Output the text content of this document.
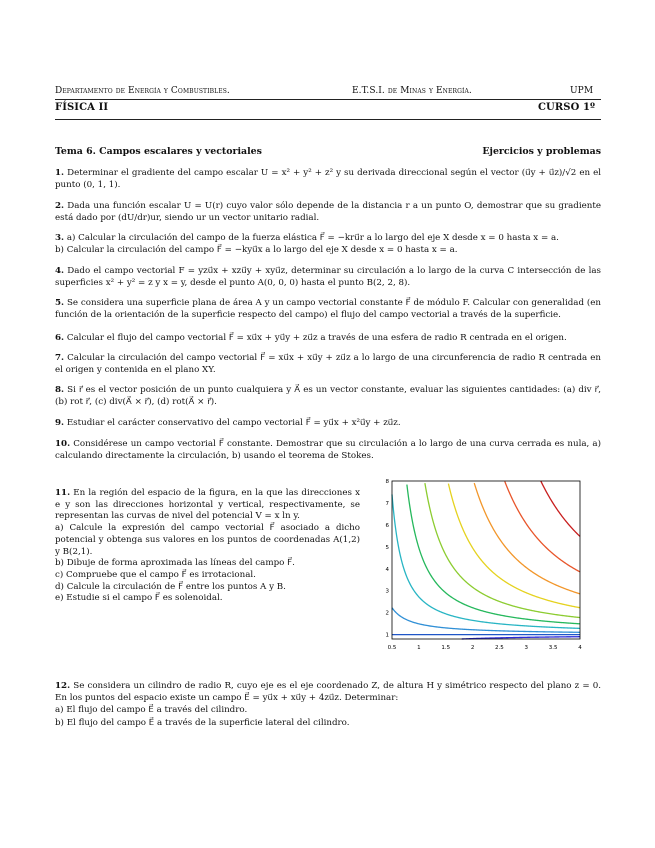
Departamento de Energía y Combustibles.	E.T.S.I. de Minas y Energía.	UPM
FÍSICA II	CURSO 1º
Tema 6. Campos escalares y vectoriales	Ejercicios y problemas
1. Determinar el gradiente del campo escalar U = x² + y² + z² y su derivada direccional según el vector (u⃗y + u⃗z)/√2 en el punto (0, 1, 1).
2. Dada una función escalar U = U(r) cuyo valor sólo depende de la distancia r a un punto O, demostrar que su gradiente está dado por (dU/dr)ur, siendo ur un vector unitario radial.
3. a) Calcular la circulación del campo de la fuerza elástica F⃗ = −kru⃗r a lo largo del eje X desde x = 0 hasta x = a.
b) Calcular la circulación del campo F⃗ = −kyu⃗x a lo largo del eje X desde x = 0 hasta x = a.
4. Dado el campo vectorial F = yzu⃗x + xzu⃗y + xyu⃗z, determinar su circulación a lo largo de la curva C intersección de las superficies x² + y² = z y x = y, desde el punto A(0, 0, 0) hasta el punto B(2, 2, 8).
5. Se considera una superficie plana de área A y un campo vectorial constante F⃗ de módulo F. Calcular con generalidad (en función de la orientación de la superficie respecto del campo) el flujo del campo vectorial a través de la superficie.
6. Calcular el flujo del campo vectorial F⃗ = xu⃗x + yu⃗y + zu⃗z a través de una esfera de radio R centrada en el origen.
7. Calcular la circulación del campo vectorial F⃗ = xu⃗x + xu⃗y + zu⃗z a lo largo de una circunferencia de radio R centrada en el origen y contenida en el plano XY.
8. Si r⃗ es el vector posición de un punto cualquiera y A⃗ es un vector constante, evaluar las siguientes cantidades: (a) div r⃗, (b) rot r⃗, (c) div(A⃗ × r⃗), (d) rot(A⃗ × r⃗).
9. Estudiar el carácter conservativo del campo vectorial F⃗ = yu⃗x + x²u⃗y + zu⃗z.
10. Considérese un campo vectorial F⃗ constante. Demostrar que su circulación a lo largo de una curva cerrada es nula, a) calculando directamente la circulación, b) usando el teorema de Stokes.
11. En la región del espacio de la figura, en la que las direcciones x e y son las direcciones horizontal y vertical, respectivamente, se representan las curvas de nivel del potencial V = x ln y.
a) Calcule la expresión del campo vectorial F⃗ asociado a dicho potencial y obtenga sus valores en los puntos de coordenadas A(1,2) y B(2,1).
b) Dibuje de forma aproximada las líneas del campo F⃗.
c) Compruebe que el campo F⃗ es irrotacional.
d) Calcule la circulación de F⃗ entre los puntos A y B.
e) Estudie si el campo F⃗ es solenoidal.
0.5	1	1.5	2	2.5	3	3.5	4
1
2
3
4
5
6
7
8
12. Se considera un cilindro de radio R, cuyo eje es el eje coordenado Z, de altura H y simétrico respecto del plano z = 0. En los puntos del espacio existe un campo E⃗ = yu⃗x + xu⃗y + 4zu⃗z. Determinar:
a) El flujo del campo E⃗ a través del cilindro.
b) El flujo del campo E⃗ a través de la superficie lateral del cilindro.
